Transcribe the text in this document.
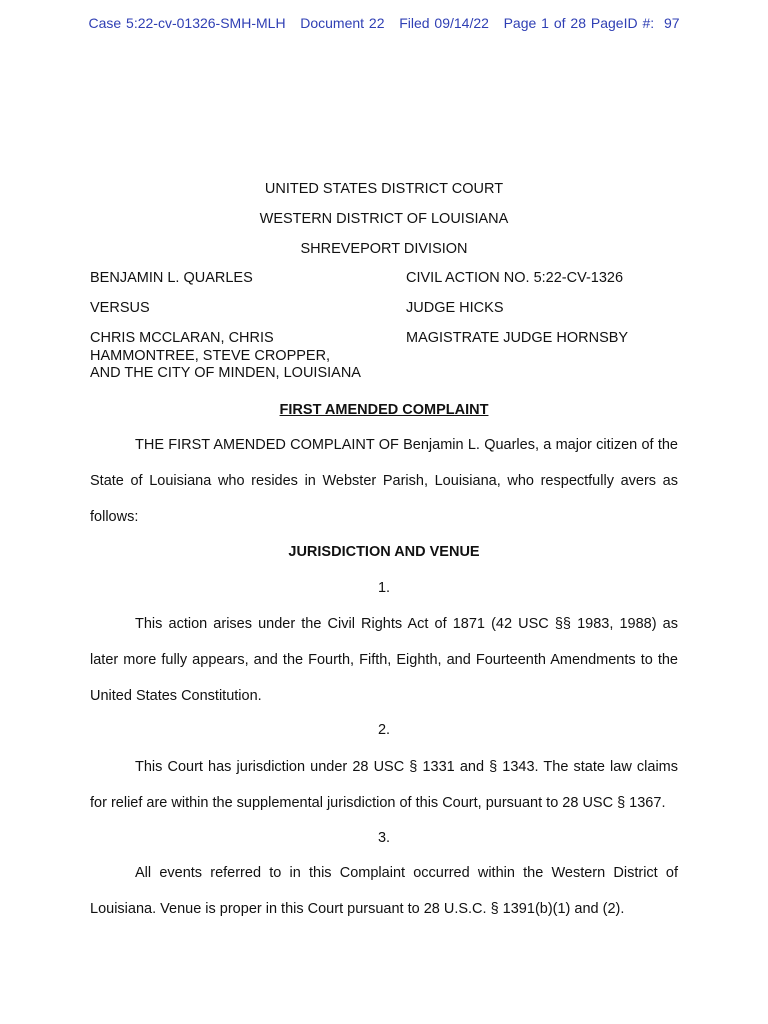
Case 5:22-cv-01326-SMH-MLH Document 22 Filed 09/14/22 Page 1 of 28 PageID #: 97
UNITED STATES DISTRICT COURT
WESTERN DISTRICT OF LOUISIANA
SHREVEPORT DIVISION
BENJAMIN L. QUARLES	CIVIL ACTION NO. 5:22-CV-1326
VERSUS	JUDGE HICKS
CHRIS MCCLARAN, CHRIS
HAMMONTREE, STEVE CROPPER,
AND THE CITY OF MINDEN, LOUISIANA
MAGISTRATE JUDGE HORNSBY
FIRST AMENDED COMPLAINT
THE FIRST AMENDED COMPLAINT OF Benjamin L. Quarles, a major citizen of the State of Louisiana who resides in Webster Parish, Louisiana, who respectfully avers as follows:
JURISDICTION AND VENUE
1.
This action arises under the Civil Rights Act of 1871 (42 USC §§ 1983, 1988) as later more fully appears, and the Fourth, Fifth, Eighth, and Fourteenth Amendments to the United States Constitution.
2.
This Court has jurisdiction under 28 USC § 1331 and § 1343. The state law claims for relief are within the supplemental jurisdiction of this Court, pursuant to 28 USC § 1367.
3.
All events referred to in this Complaint occurred within the Western District of Louisiana. Venue is proper in this Court pursuant to 28 U.S.C. § 1391(b)(1) and (2).
